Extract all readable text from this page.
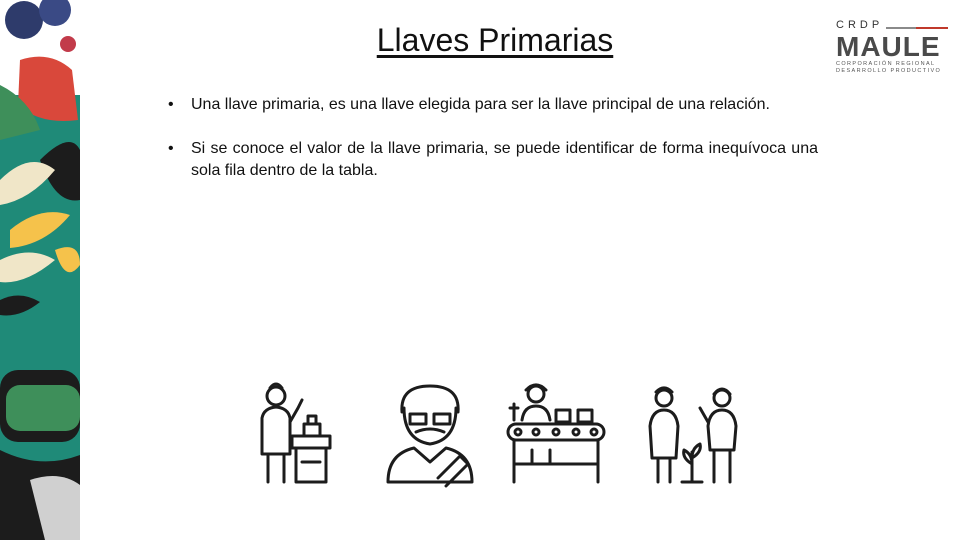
Llaves Primarias	CRDP
MAULE
CORPORACIÓN REGIONAL
DESARROLLO PRODUCTIVO
• Una llave primaria, es una llave elegida para ser la llave principal de una relación.
• Si se conoce el valor de la llave primaria, se puede identificar de forma inequívoca una sola fila dentro de la tabla.
